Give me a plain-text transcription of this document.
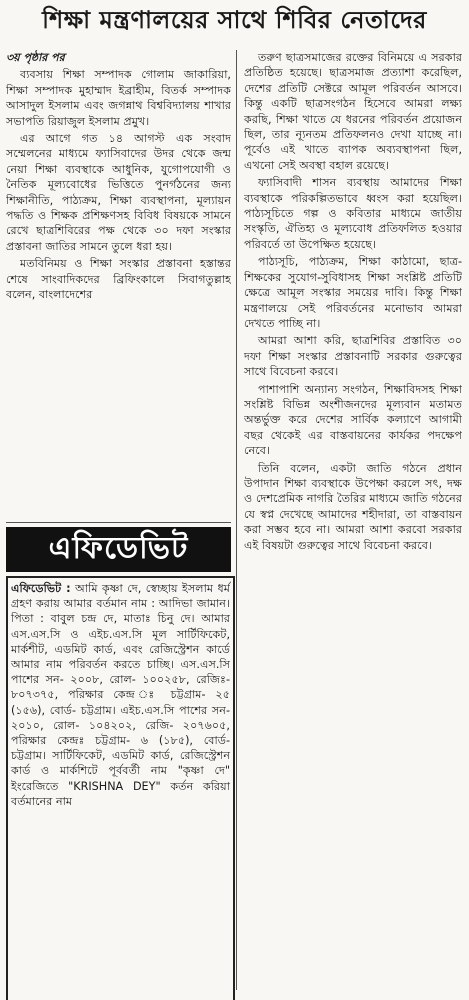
শিক্ষা মন্ত্রণালয়ের সাথে শিবির নেতাদের
৩য় পৃষ্ঠার পর

ব্যবসায় শিক্ষা সম্পাদক গোলাম জাকারিয়া, শিক্ষা সম্পাদক মুহাম্মাদ ইব্রাহীম, বিতর্ক সম্পাদক আসাদুল ইসলাম এবং জগন্নাথ বিশ্ববিদ্যালয় শাখার সভাপতি রিয়াজুল ইসলাম প্রমুখ।

এর আগে গত ১৪ আগস্ট এক সংবাদ সম্মেলনের মাধ্যমে ফ্যাসিবাদের উদর থেকে জন্ম নেয়া শিক্ষা ব্যবস্থাকে আধুনিক, যুগোপযোগী ও নৈতিক মূল্যবোধের ভিত্তিতে পুনর্গঠনের জন্য শিক্ষানীতি, পাঠ্যক্রম, শিক্ষা ব্যবস্থাপনা, মূল্যায়ন পদ্ধতি ও শিক্ষক প্রশিক্ষণসহ বিবিধ বিষয়কে সামনে রেখে ছাত্রশিবিরের পক্ষ থেকে ৩০ দফা সংস্কার প্রস্তাবনা জাতির সামনে তুলে ধরা হয়।

মতবিনিময় ও শিক্ষা সংস্কার প্রস্তাবনা হস্তান্তর শেষে সাংবাদিকদের ব্রিফিংকালে সিবাগতুল্লাহ বলেন, বাংলাদেশের

তরুণ ছাত্রসমাজের রক্তের বিনিময়ে এ সরকার প্রতিষ্ঠিত হয়েছে। ছাত্রসমাজ প্রত্যাশা করেছিল, দেশের প্রতিটি সেক্টরে আমূল পরিবর্তন আসবে। কিন্তু একটি ছাত্রসংগঠন হিসেবে আমরা লক্ষ্য করছি, শিক্ষা খাতে যে ধরনের পরিবর্তন প্রয়োজন ছিল, তার ন্যূনতম প্রতিফলনও দেখা যাচ্ছে না। পূর্বেও এই খাতে ব্যাপক অব্যবস্থাপনা ছিল, এখনো সেই অবস্থা বহাল রয়েছে।

ফ্যাসিবাদী শাসন ব্যবস্থায় আমাদের শিক্ষা ব্যবস্থাকে পরিকল্পিতভাবে ধ্বংস করা হয়েছিল। পাঠ্যসূচিতে গল্প ও কবিতার মাধ্যমে জাতীয় সংস্কৃতি, ঐতিহ্য ও মূল্যবোধ প্রতিফলিত হওয়ার পরিবর্তে তা উপেক্ষিত হয়েছে।

পাঠ্যসূচি, পাঠ্যক্রম, শিক্ষা কাঠামো, ছাত্র-শিক্ষকের সুযোগ-সুবিধাসহ শিক্ষা সংশ্লিষ্ট প্রতিটি ক্ষেত্রে আমূল সংস্কার সময়ের দাবি। কিন্তু শিক্ষা মন্ত্রণালয়ে সেই পরিবর্তনের মনোভাব আমরা দেখতে পাচ্ছি না।

আমরা আশা করি, ছাত্রশিবির প্রস্তাবিত ৩০ দফা শিক্ষা সংস্কার প্রস্তাবনাটি সরকার গুরুত্বের সাথে বিবেচনা করবে।

পাশাপাশি অন্যান্য সংগঠন, শিক্ষাবিদসহ শিক্ষা সংশ্লিষ্ট বিভিন্ন অংশীজনদের মূল্যবান মতামত অন্তর্ভুক্ত করে দেশের সার্বিক কল্যাণে আগামী বছর থেকেই এর বাস্তবায়নের কার্যকর পদক্ষেপ নেবে।

তিনি বলেন, একটা জাতি গঠনে প্রধান উপাদান শিক্ষা ব্যবস্থাকে উপেক্ষা করলে সৎ, দক্ষ ও দেশপ্রেমিক নাগরি তৈরির মাধ্যমে জাতি গঠনের যে স্বপ্ন দেখেছে আমাদের শহীদারা, তা বাস্তবায়ন করা সম্ভব হবে না। আমরা আশা করবো সরকার এই বিষয়টা গুরুত্বের সাথে বিবেচনা করবে।

এফিডেভিট
এফিডেভিট : আমি কৃষ্ণা দে, স্বেচ্ছায় ইসলাম ধর্ম গ্রহণ করায় আমার বর্তমান নাম : আদিভা জামান। পিতা : বাবুল চন্দ্র দে, মাতাঃ চিনু দে। আমার এস.এস.সি ও এইচ.এস.সি মূল সার্টিফিকেট, মার্কশীট, এডমিট কার্ড, এবং রেজিস্ট্রেশন কার্ডে আমার নাম পরিবর্তন করতে চাচ্ছি। এস.এস.সি পাশের সন- ২০০৮, রোল- ১০০২৫৮, রেজিঃ- ৮০৭৩৭৫, পরিক্ষার কেন্দ্র ঃ চট্টগ্রাম- ২৫ (১৫৬), বোর্ড- চট্টগ্রাম। এইচ.এস.সি পাশের সন- ২০১০, রোল- ১০৪২০২, রেজি- ২০৭৬০৫, পরিক্ষার কেন্দ্রঃ চট্টগ্রাম- ৬ (১৮৫), বোর্ড- চট্টগ্রাম। সার্টিফিকেট, এডমিট কার্ড, রেজিস্ট্রেশন কার্ড ও মার্কশিটে পূর্ববর্তী নাম "কৃষ্ণা দে" ইংরেজিতে "KRISHNA DEY" কর্তন করিয়া বর্তমানের নাম
